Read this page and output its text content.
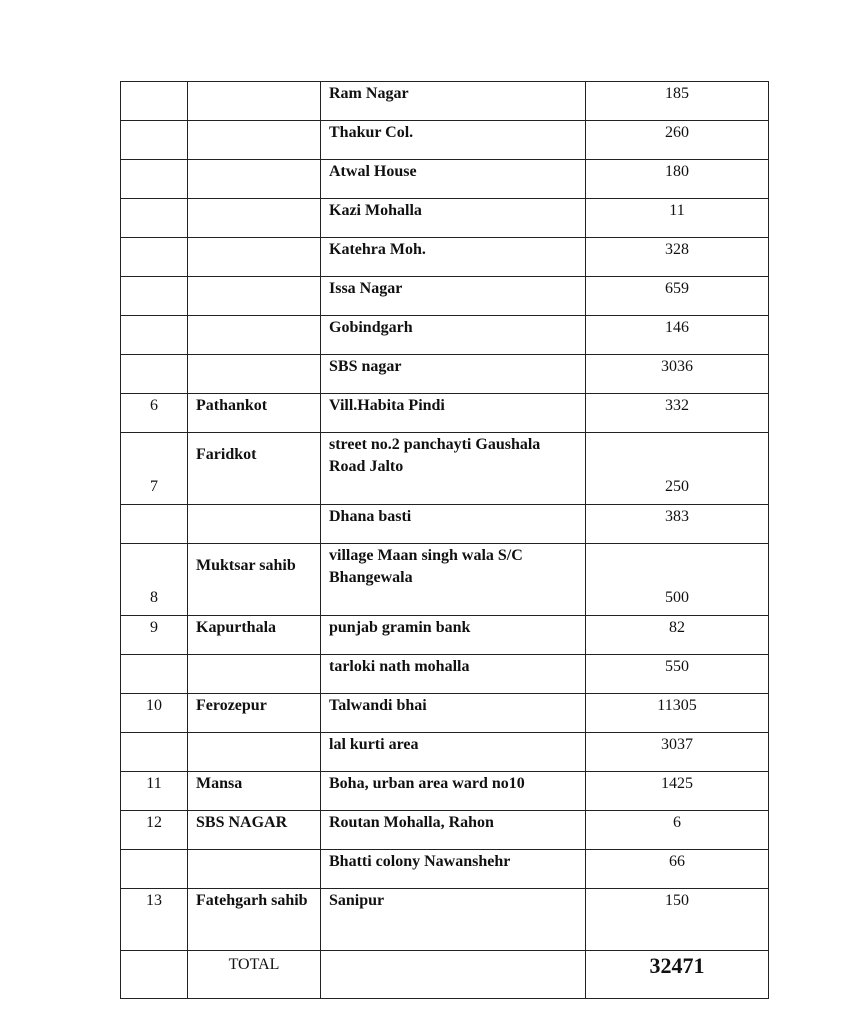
		Ram Nagar	185
		Thakur Col.	260
		Atwal House	180
		Kazi Mohalla	11
		Katehra Moh.	328
		Issa Nagar	659
		Gobindgarh	146
		SBS nagar	3036
6	Pathankot	Vill.Habita Pindi	332
7	Faridkot	street no.2 panchayti Gaushala Road Jalto	250
		Dhana basti	383
8	Muktsar sahib	village Maan singh wala S/C Bhangewala	500
9	Kapurthala	punjab gramin bank	82
		tarloki nath mohalla	550
10	Ferozepur	Talwandi bhai	11305
		lal kurti area	3037
11	Mansa	Boha, urban area ward no10	1425
12	SBS NAGAR	Routan Mohalla, Rahon	6
		Bhatti colony Nawanshehr	66
13	Fatehgarh sahib	Sanipur	150
	TOTAL		32471
